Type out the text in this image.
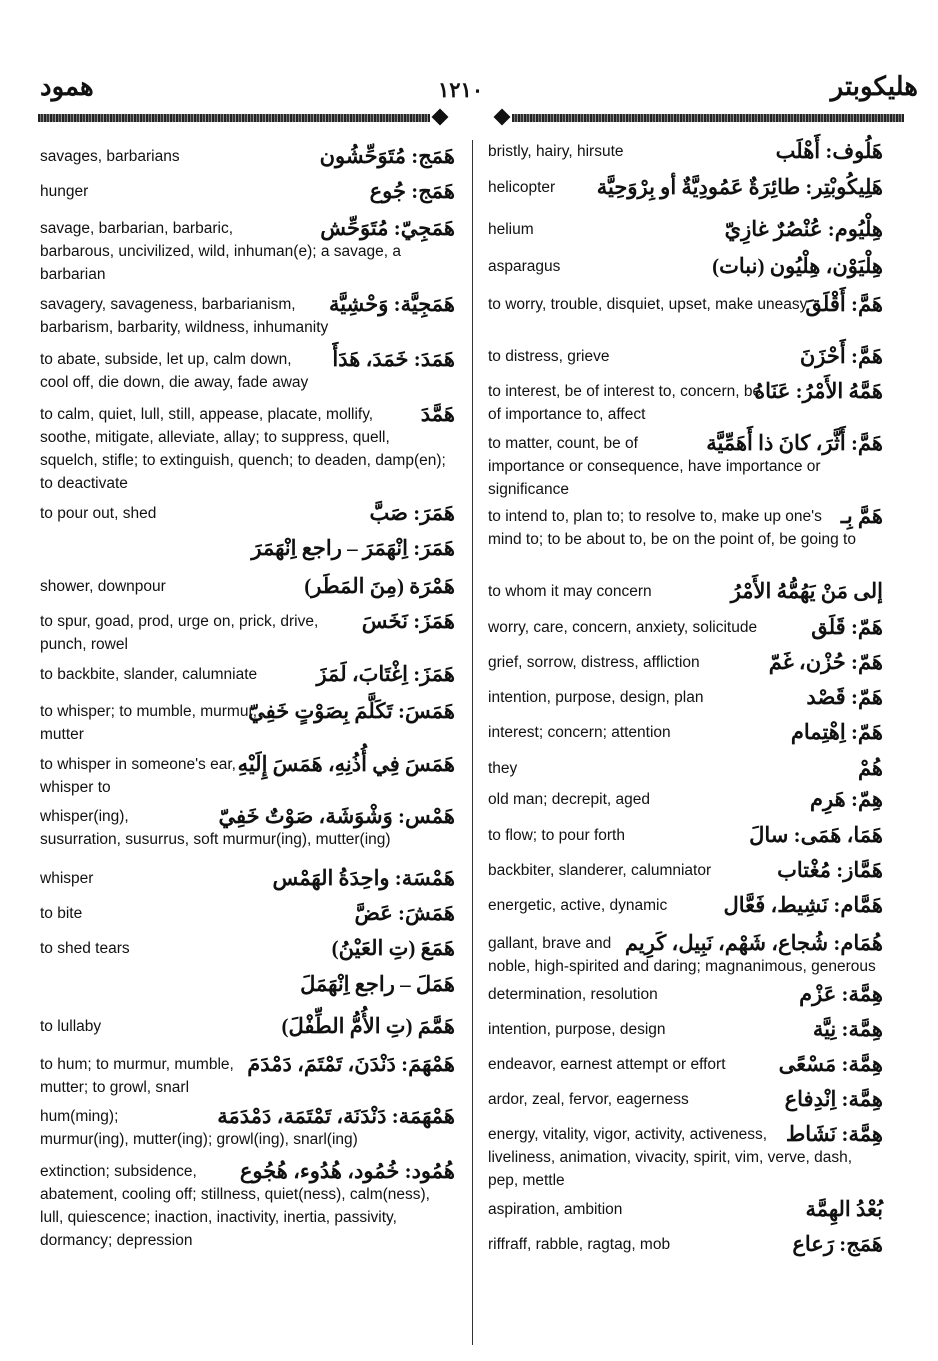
همود	١٢١٠	هليكوبتر
هَمَج: مُتَوَحِّشُون

savages, barbarians

هَمَج: جُوع

hunger

هَمَجِيّ: مُتَوَحِّش

savage, barbarian, barbaric, barbarous, uncivilized, wild, inhuman(e); a savage, a barbarian

هَمَجِيَّة: وَحْشِيَّة

savagery, savageness, barbarianism, barbarism, barbarity, wildness, inhumanity

هَمَدَ: خَمَدَ، هَدَأَ

to abate, subside, let up, calm down, cool off, die down, die away, fade away

هَمَّدَ

to calm, quiet, lull, still, appease, placate, mollify, soothe, mitigate, alleviate, allay; to suppress, quell, squelch, stifle; to extinguish, quench; to deaden, damp(en); to deactivate

هَمَرَ: صَبَّ

to pour out, shed

هَمَرَ: اِنْهَمَرَ – راجع اِنْهَمَرَ

هَمْرَة (مِنَ المَطَر)

shower, downpour

هَمَزَ: نَخَسَ

to spur, goad, prod, urge on, prick, drive, punch, rowel

هَمَزَ: اِغْتَابَ، لَمَزَ

to backbite, slander, calumniate

هَمَسَ: تَكَلَّمَ بِصَوْتٍ خَفِيّ

to whisper; to mumble, murmur, mutter

هَمَسَ فِي أُذُنِهِ، هَمَسَ إِلَيْهِ

to whisper in someone's ear, whisper to

هَمْس: وَشْوَشَة، صَوْتٌ خَفِيّ

whisper(ing), susurration, susurrus, soft murmur(ing), mutter(ing)

هَمْسَة: واحِدَةُ الهَمْس

whisper

هَمَشَ: عَضَّ

to bite

هَمَعَ (تِ العَيْنُ)

to shed tears

هَمَلَ – راجع اِنْهَمَلَ

هَمَّمَ (تِ الأُمُّ الطِّفْلَ)

to lullaby

هَمْهَمَ: دَنْدَنَ، تَمْتَمَ، دَمْدَمَ

to hum; to murmur, mumble, mutter; to growl, snarl

هَمْهَمَة: دَنْدَنَة، تَمْتَمَة، دَمْدَمَة

hum(ming); murmur(ing), mutter(ing); growl(ing), snarl(ing)

هُمُود: خُمُود، هُدُوء، هُجُوع

extinction; subsidence, abatement, cooling off; stillness, quiet(ness), calm(ness), lull, quiescence; inaction, inactivity, inertia, passivity, dormancy; depression

هَلُوف: أَهْلَب

bristly, hairy, hirsute

هَلِيكُوبْتِر: طائِرَةٌ عَمُودِيَّةٌ أو بِرْوَحِيَّة

helicopter

هِلْيُوم: عُنْصُرٌ غازِيّ

helium

هِلْيَوْن، هِلْيُون (نبات)

asparagus

هَمَّ: أَقْلَقَ

to worry, trouble, disquiet, upset, make uneasy

هَمَّ: أَحْزَنَ

to distress, grieve

هَمَّهُ الأَمْرُ: عَنَاهُ

to interest, be of interest to, concern, be of importance to, affect

هَمَّ: أَثَّرَ، كانَ ذا أَهَمِّيَّة

to matter, count, be of importance or consequence, have importance or significance

هَمَّ بِـ

to intend to, plan to; to resolve to, make up one's mind to; to be about to, be on the point of, be going to

إلى مَنْ يَهُمُّهُ الأَمْرُ

to whom it may concern

هَمّ: قَلَق

worry, care, concern, anxiety, solicitude

هَمّ: حُزْن، غَمّ

grief, sorrow, distress, affliction

هَمّ: قَصْد

intention, purpose, design, plan

هَمّ: اِهْتِمام

interest; concern; attention

هُمْ

they

هِمّ: هَرِم

old man; decrepit, aged

هَمَا، هَمَى: سالَ

to flow; to pour forth

هَمَّاز: مُغْتاب

backbiter, slanderer, calumniator

هَمَّام: نَشِيط، فَعَّال

energetic, active, dynamic

هُمَام: شُجاع، شَهْم، نَبِيل، كَرِيم

gallant, brave and noble, high-spirited and daring; magnanimous, generous

هِمَّة: عَزْم

determination, resolution

هِمَّة: نِيَّة

intention, purpose, design

هِمَّة: مَسْعًى

endeavor, earnest attempt or effort

هِمَّة: اِنْدِفاع

ardor, zeal, fervor, eagerness

هِمَّة: نَشَاط

energy, vitality, vigor, activity, activeness, liveliness, animation, vivacity, spirit, vim, verve, dash, pep, mettle

بُعْدُ الهِمَّة

aspiration, ambition

هَمَج: رَعاع

riffraff, rabble, ragtag, mob
